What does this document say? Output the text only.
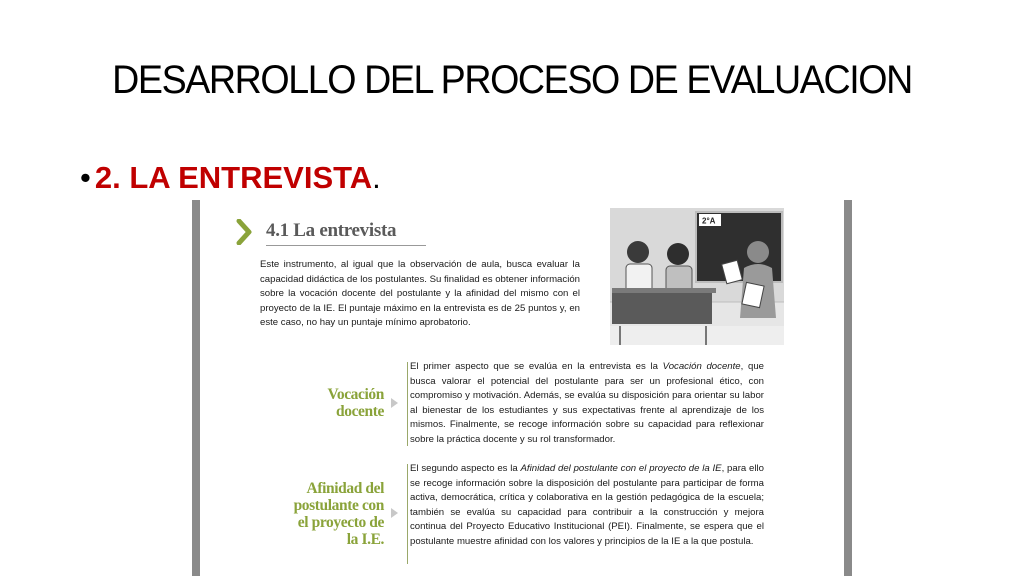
DESARROLLO DEL PROCESO DE EVALUACION
• 2. LA ENTREVISTA.
4.1 La entrevista
Este instrumento, al igual que la observación de aula, busca evaluar la capacidad didáctica de los postulantes. Su finalidad es obtener información sobre la vocación docente del postulante y la afinidad del mismo con el proyecto de la IE. El puntaje máximo en la entrevista es de 25 puntos y, en este caso, no hay un puntaje mínimo aprobatorio.
2°A
Vocación
docente
El primer aspecto que se evalúa en la entrevista es la Vocación docente, que busca valorar el potencial del postulante para ser un profesional ético, con compromiso y motivación. Además, se evalúa su disposición para orientar su labor al bienestar de los estudiantes y sus expectativas frente al aprendizaje de los mismos. Finalmente, se recoge información sobre su capacidad para reflexionar sobre la práctica docente y su rol transformador.
Afinidad del
postulante con
el proyecto de
la I.E.
El segundo aspecto es la Afinidad del postulante con el proyecto de la IE, para ello se recoge información sobre la disposición del postulante para participar de forma activa, democrática, crítica y colaborativa en la gestión pedagógica de la escuela; también se evalúa su capacidad para contribuir a la construcción y mejora continua del Proyecto Educativo Institucional (PEI). Finalmente, se espera que el postulante muestre afinidad con los valores y principios de la IE a la que postula.
